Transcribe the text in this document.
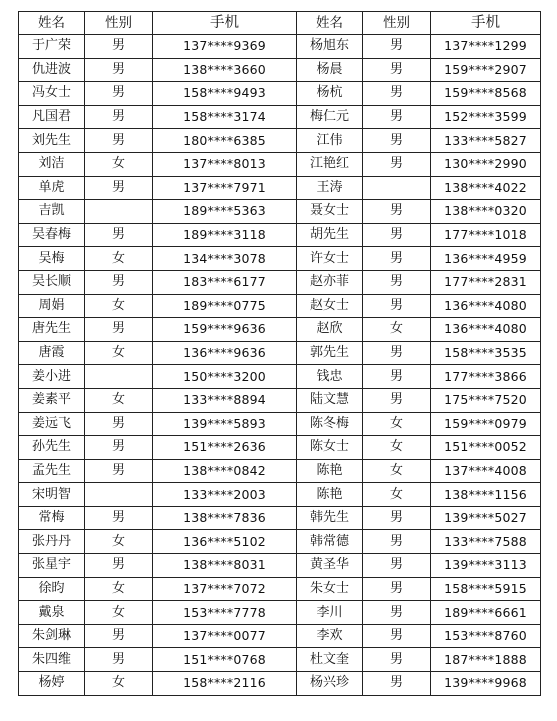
姓名	性别	手机	姓名	性别	手机
于广荣	男	137****9369	杨旭东	男	137****1299
仇进波	男	138****3660	杨晨	男	159****2907
冯女士	男	158****9493	杨杭	男	159****8568
凡国君	男	158****3174	梅仁元	男	152****3599
刘先生	男	180****6385	江伟	男	133****5827
刘洁	女	137****8013	江艳红	男	130****2990
单虎	男	137****7971	王涛		138****4022
吉凯		189****5363	聂女士	男	138****0320
吴春梅	男	189****3118	胡先生	男	177****1018
吴梅	女	134****3078	许女士	男	136****4959
吴长顺	男	183****6177	赵亦菲	男	177****2831
周娟	女	189****0775	赵女士	男	136****4080
唐先生	男	159****9636	赵欣	女	136****4080
唐霞	女	136****9636	郭先生	男	158****3535
姜小进		150****3200	钱忠	男	177****3866
姜素平	女	133****8894	陆文慧	男	175****7520
姜远飞	男	139****5893	陈冬梅	女	159****0979
孙先生	男	151****2636	陈女士	女	151****0052
孟先生	男	138****0842	陈艳	女	137****4008
宋明智		133****2003	陈艳	女	138****1156
常梅	男	138****7836	韩先生	男	139****5027
张丹丹	女	136****5102	韩常德	男	133****7588
张星宇	男	138****8031	黄圣华	男	139****3113
徐昀	女	137****7072	朱女士	男	158****5915
戴泉	女	153****7778	李川	男	189****6661
朱剑琳	男	137****0077	李欢	男	153****8760
朱四维	男	151****0768	杜文奎	男	187****1888
杨婷	女	158****2116	杨兴珍	男	139****9968
